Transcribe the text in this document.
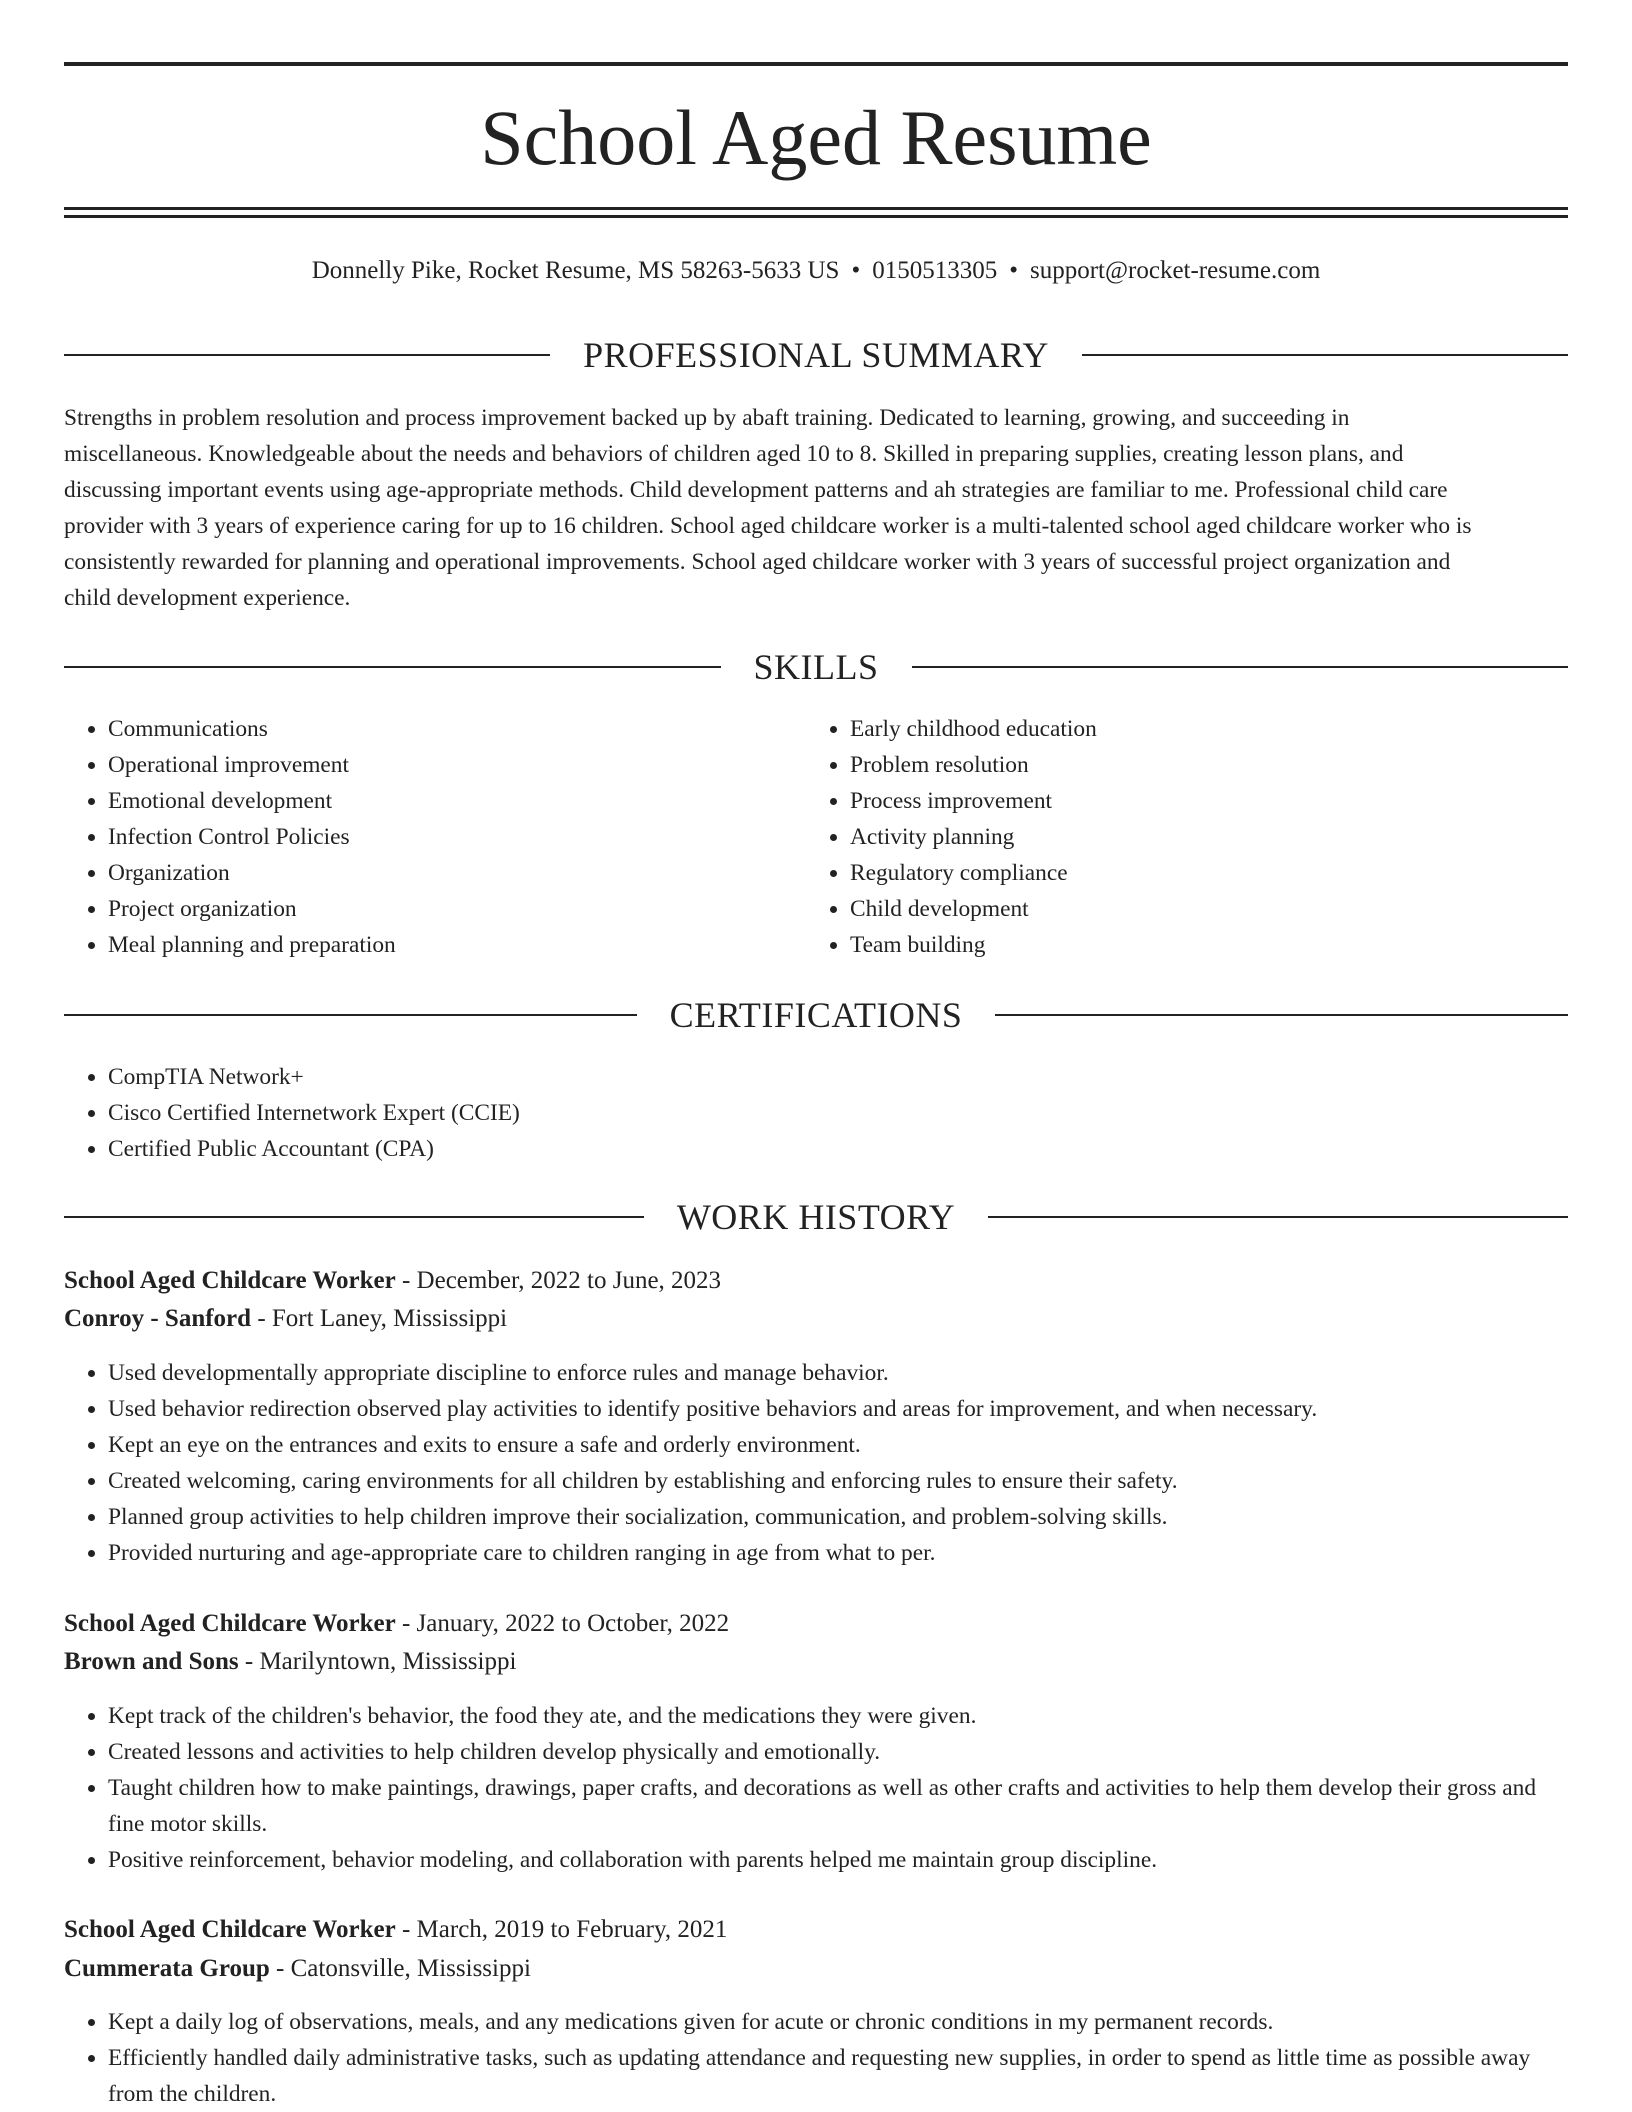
School Aged Resume
Donnelly Pike, Rocket Resume, MS 58263-5633 US • 0150513305 • support@rocket-resume.com
PROFESSIONAL SUMMARY
Strengths in problem resolution and process improvement backed up by abaft training. Dedicated to learning, growing, and succeeding in
miscellaneous. Knowledgeable about the needs and behaviors of children aged 10 to 8. Skilled in preparing supplies, creating lesson plans, and
discussing important events using age-appropriate methods. Child development patterns and ah strategies are familiar to me. Professional child care
provider with 3 years of experience caring for up to 16 children. School aged childcare worker is a multi-talented school aged childcare worker who is
consistently rewarded for planning and operational improvements. School aged childcare worker with 3 years of successful project organization and
child development experience.
SKILLS
• Communications
• Operational improvement
• Emotional development
• Infection Control Policies
• Organization
• Project organization
• Meal planning and preparation
• Early childhood education
• Problem resolution
• Process improvement
• Activity planning
• Regulatory compliance
• Child development
• Team building
CERTIFICATIONS
• CompTIA Network+
• Cisco Certified Internetwork Expert (CCIE)
• Certified Public Accountant (CPA)
WORK HISTORY
School Aged Childcare Worker - December, 2022 to June, 2023
Conroy - Sanford - Fort Laney, Mississippi
• Used developmentally appropriate discipline to enforce rules and manage behavior.
• Used behavior redirection observed play activities to identify positive behaviors and areas for improvement, and when necessary.
• Kept an eye on the entrances and exits to ensure a safe and orderly environment.
• Created welcoming, caring environments for all children by establishing and enforcing rules to ensure their safety.
• Planned group activities to help children improve their socialization, communication, and problem-solving skills.
• Provided nurturing and age-appropriate care to children ranging in age from what to per.
School Aged Childcare Worker - January, 2022 to October, 2022
Brown and Sons - Marilyntown, Mississippi
• Kept track of the children's behavior, the food they ate, and the medications they were given.
• Created lessons and activities to help children develop physically and emotionally.
• Taught children how to make paintings, drawings, paper crafts, and decorations as well as other crafts and activities to help them develop their gross and fine motor skills.
• Positive reinforcement, behavior modeling, and collaboration with parents helped me maintain group discipline.
School Aged Childcare Worker - March, 2019 to February, 2021
Cummerata Group - Catonsville, Mississippi
• Kept a daily log of observations, meals, and any medications given for acute or chronic conditions in my permanent records.
• Efficiently handled daily administrative tasks, such as updating attendance and requesting new supplies, in order to spend as little time as possible away from the children.
